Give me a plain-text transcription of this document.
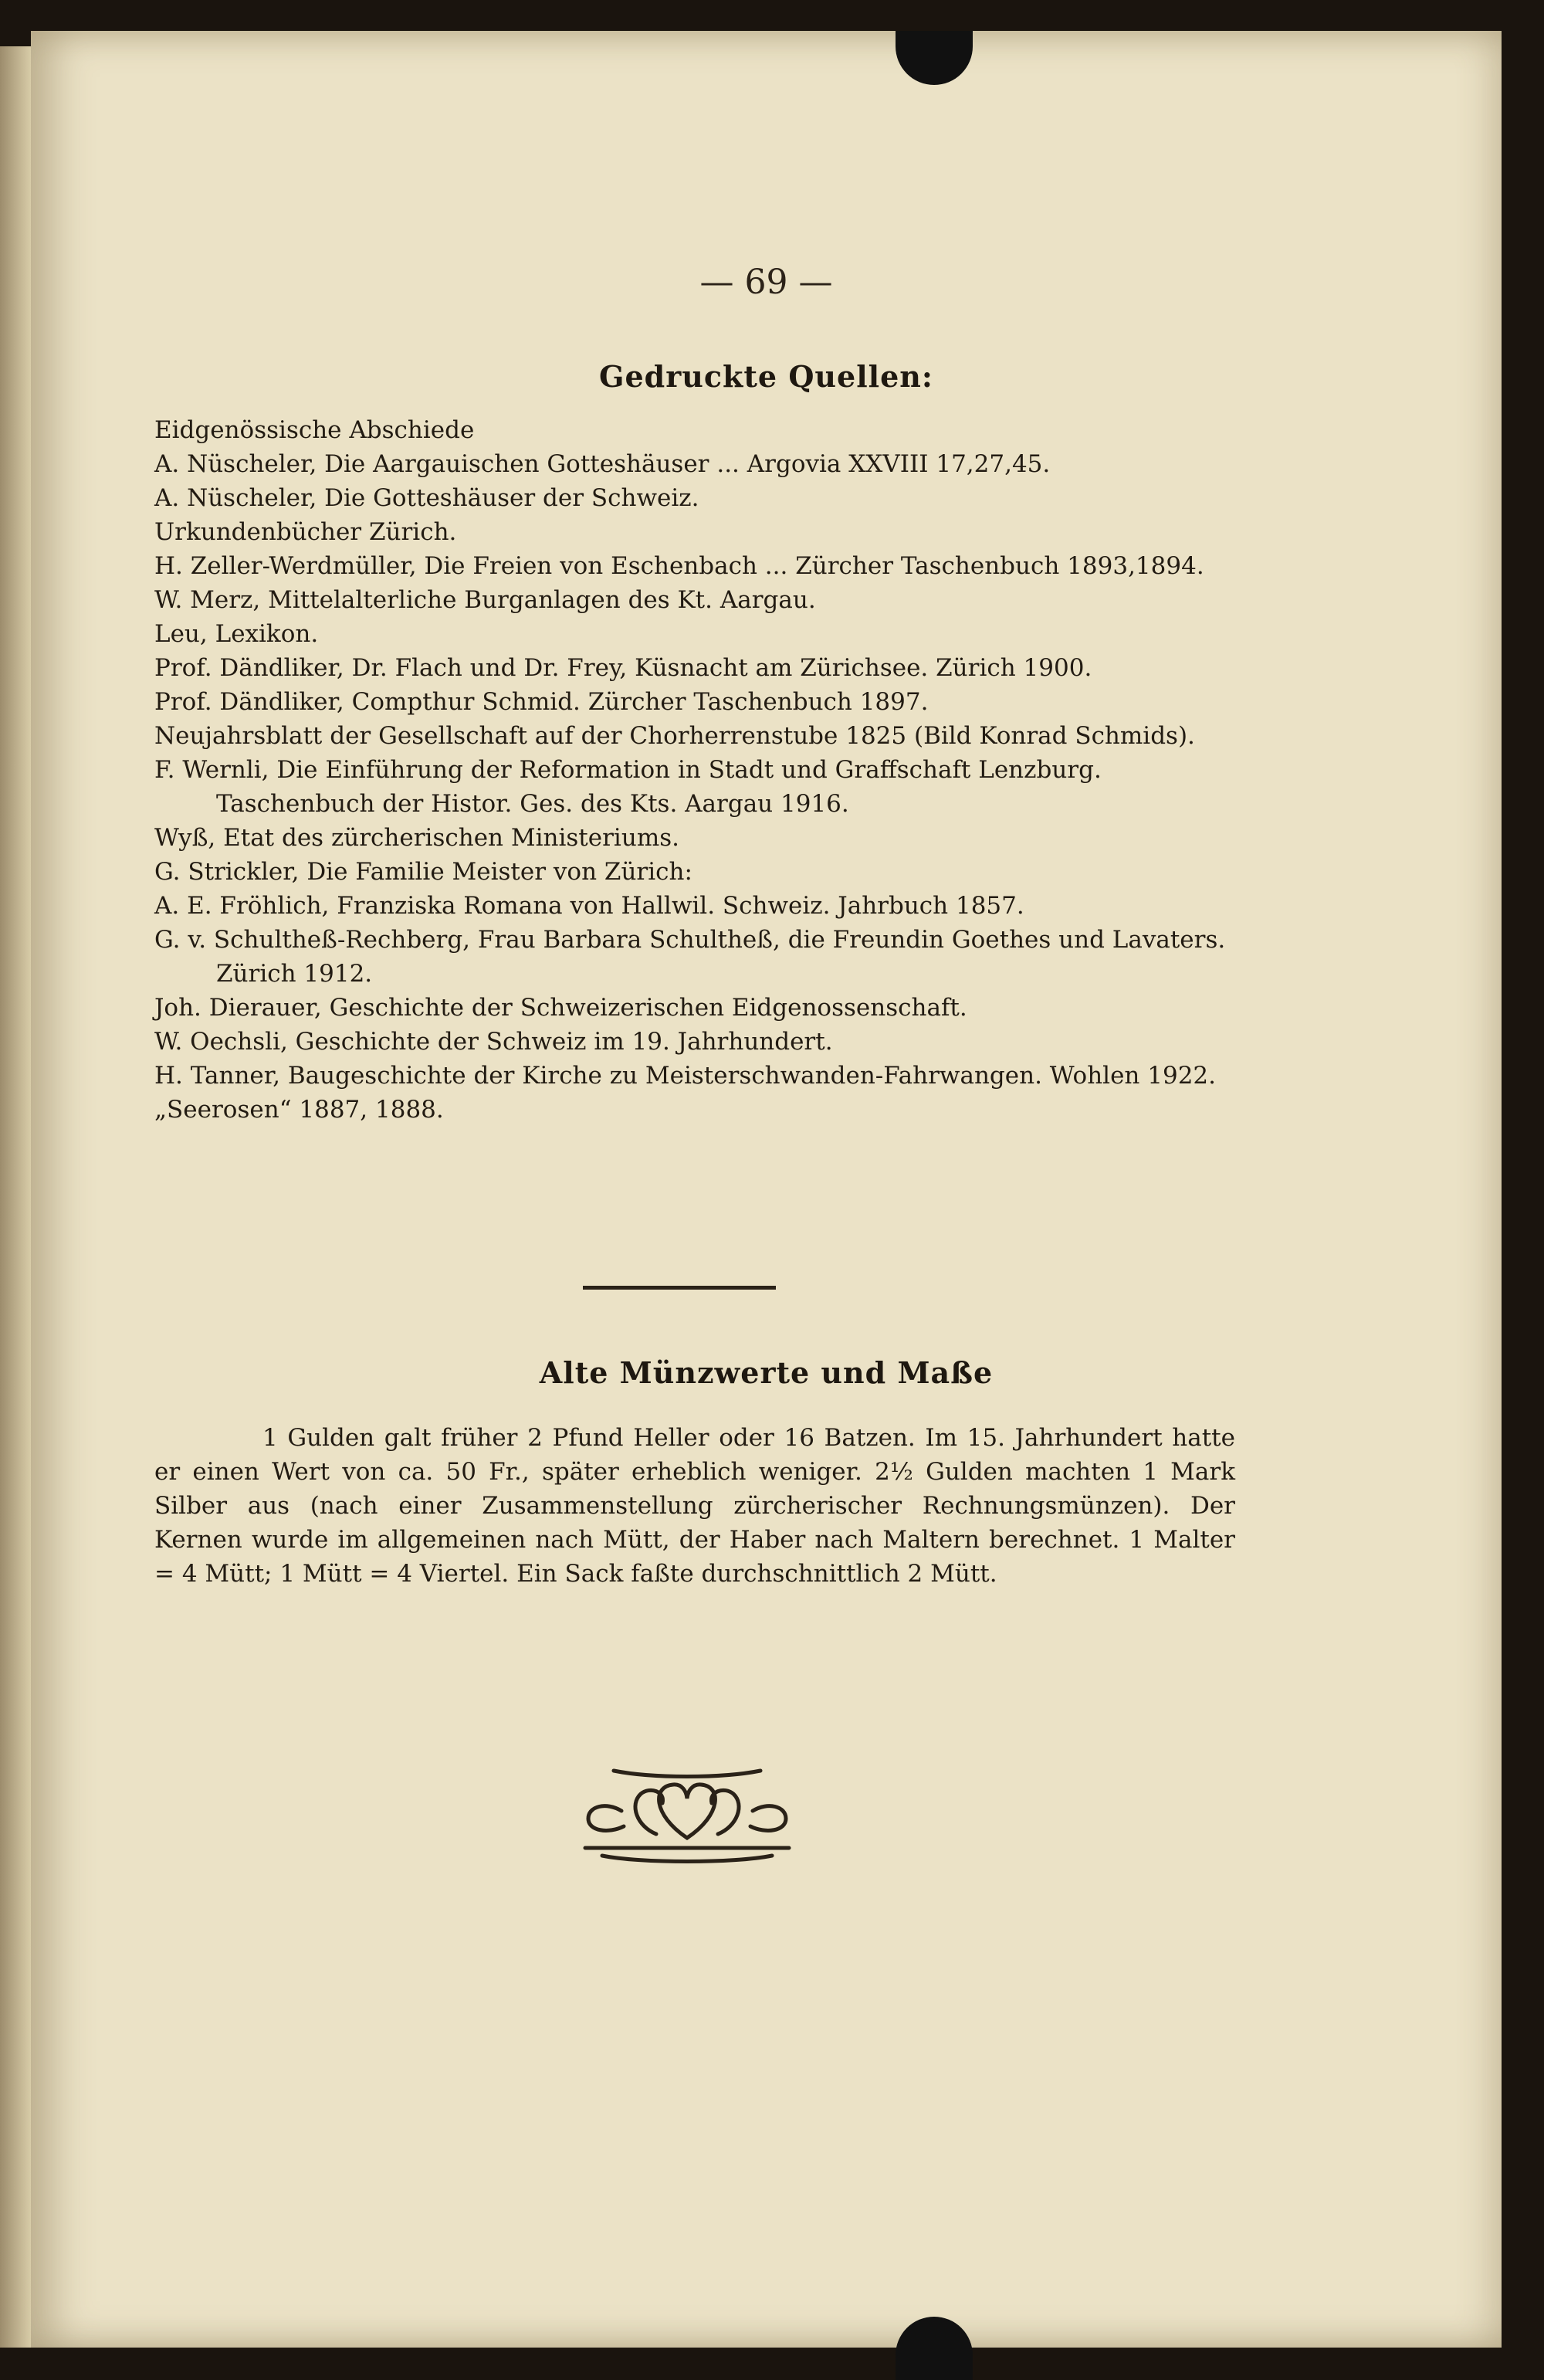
— 69 —
Gedruckte Quellen:
Eidgenössische Abschiede
A. Nüscheler, Die Aargauischen Gotteshäuser ... Argovia XXVIII 17,27,45.
A. Nüscheler, Die Gotteshäuser der Schweiz.
Urkundenbücher Zürich.
H. Zeller-Werdmüller, Die Freien von Eschenbach ... Zürcher Taschenbuch 1893,1894.
W. Merz, Mittelalterliche Burganlagen des Kt. Aargau.
Leu, Lexikon.
Prof. Dändliker, Dr. Flach und Dr. Frey, Küsnacht am Zürichsee. Zürich 1900.
Prof. Dändliker, Compthur Schmid. Zürcher Taschenbuch 1897.
Neujahrsblatt der Gesellschaft auf der Chorherrenstube 1825 (Bild Konrad Schmids).
F. Wernli, Die Einführung der Reformation in Stadt und Graffschaft Lenzburg. Taschenbuch der Histor. Ges. des Kts. Aargau 1916.
Wyß, Etat des zürcherischen Ministeriums.
G. Strickler, Die Familie Meister von Zürich:
A. E. Fröhlich, Franziska Romana von Hallwil. Schweiz. Jahrbuch 1857.
G. v. Schultheß-Rechberg, Frau Barbara Schultheß, die Freundin Goethes und Lavaters. Zürich 1912.
Joh. Dierauer, Geschichte der Schweizerischen Eidgenossenschaft.
W. Oechsli, Geschichte der Schweiz im 19. Jahrhundert.
H. Tanner, Baugeschichte der Kirche zu Meisterschwanden-Fahrwangen. Wohlen 1922.
„Seerosen“ 1887, 1888.
Alte Münzwerte und Maße
1 Gulden galt früher 2 Pfund Heller oder 16 Batzen. Im 15. Jahrhundert hatte er einen Wert von ca. 50 Fr., später erheblich weniger. 2½ Gulden machten 1 Mark Silber aus (nach einer Zusammenstellung zürcherischer Rechnungsmünzen). Der Kernen wurde im allgemeinen nach Mütt, der Haber nach Maltern berechnet. 1 Malter = 4 Mütt; 1 Mütt = 4 Viertel. Ein Sack faßte durchschnittlich 2 Mütt.
